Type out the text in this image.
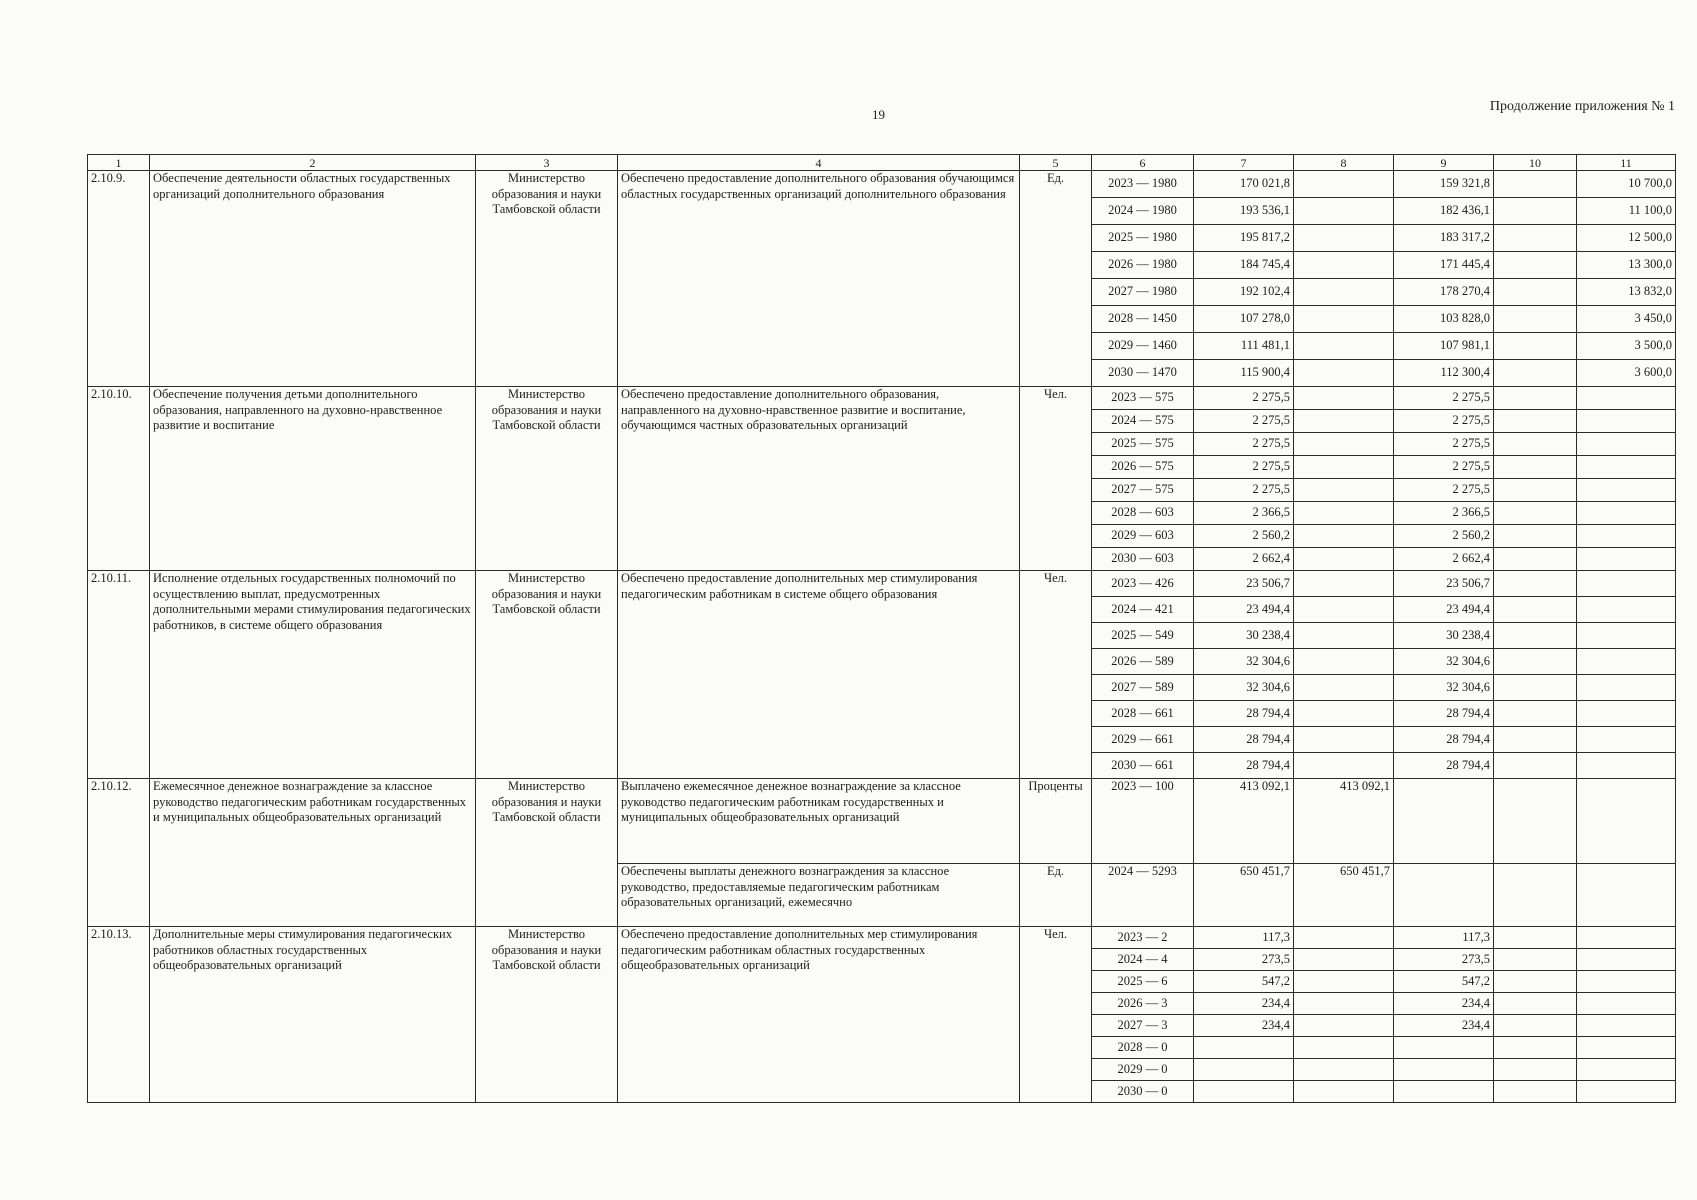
19
Продолжение приложения № 1
1	2	3	4	5	6	7	8	9	10	11
2.10.9.	Обеспечение деятельности областных государственных организаций дополнительного образования	Министерство образования и науки Тамбовской области	Обеспечено предоставление дополнительного образования обучающимся областных государственных организаций дополнительного образования	Ед.	2023 — 1980	170 021,8		159 321,8		10 700,0
					2024 — 1980	193 536,1		182 436,1		11 100,0
					2025 — 1980	195 817,2		183 317,2		12 500,0
					2026 — 1980	184 745,4		171 445,4		13 300,0
					2027 — 1980	192 102,4		178 270,4		13 832,0
					2028 — 1450	107 278,0		103 828,0		3 450,0
					2029 — 1460	111 481,1		107 981,1		3 500,0
					2030 — 1470	115 900,4		112 300,4		3 600,0
2.10.10.	Обеспечение получения детьми дополнительного образования, направленного на духовно-нравственное развитие и воспитание	Министерство образования и науки Тамбовской области	Обеспечено предоставление дополнительного образования, направленного на духовно-нравственное развитие и воспитание, обучающимся частных образовательных организаций	Чел.	2023 — 575	2 275,5		2 275,5		
					2024 — 575	2 275,5		2 275,5		
					2025 — 575	2 275,5		2 275,5		
					2026 — 575	2 275,5		2 275,5		
					2027 — 575	2 275,5		2 275,5		
					2028 — 603	2 366,5		2 366,5		
					2029 — 603	2 560,2		2 560,2		
					2030 — 603	2 662,4		2 662,4		
2.10.11.	Исполнение отдельных государственных полномочий по осуществлению выплат, предусмотренных дополнительными мерами стимулирования педагогических работников, в системе общего образования	Министерство образования и науки Тамбовской области	Обеспечено предоставление дополнительных мер стимулирования педагогическим работникам в системе общего образования	Чел.	2023 — 426	23 506,7		23 506,7		
					2024 — 421	23 494,4		23 494,4		
					2025 — 549	30 238,4		30 238,4		
					2026 — 589	32 304,6		32 304,6		
					2027 — 589	32 304,6		32 304,6		
					2028 — 661	28 794,4		28 794,4		
					2029 — 661	28 794,4		28 794,4		
					2030 — 661	28 794,4		28 794,4		
2.10.12.	Ежемесячное денежное вознаграждение за классное руководство педагогическим работникам государственных и муниципальных общеобразовательных организаций	Министерство образования и науки Тамбовской области	Выплачено ежемесячное денежное вознаграждение за классное руководство педагогическим работникам государственных и муниципальных общеобразовательных организаций	Проценты	2023 — 100	413 092,1	413 092,1			
			Обеспечены выплаты денежного вознаграждения за классное руководство, предоставляемые педагогическим работникам образовательных организаций, ежемесячно	Ед.	2024 — 5293	650 451,7	650 451,7			
2.10.13.	Дополнительные меры стимулирования педагогических работников областных государственных общеобразовательных организаций	Министерство образования и науки Тамбовской области	Обеспечено предоставление дополнительных мер стимулирования педагогическим работникам областных государственных общеобразовательных организаций	Чел.	2023 — 2	117,3		117,3		
					2024 — 4	273,5		273,5		
					2025 — 6	547,2		547,2		
					2026 — 3	234,4		234,4		
					2027 — 3	234,4		234,4		
					2028 — 0					
					2029 — 0					
					2030 — 0					
